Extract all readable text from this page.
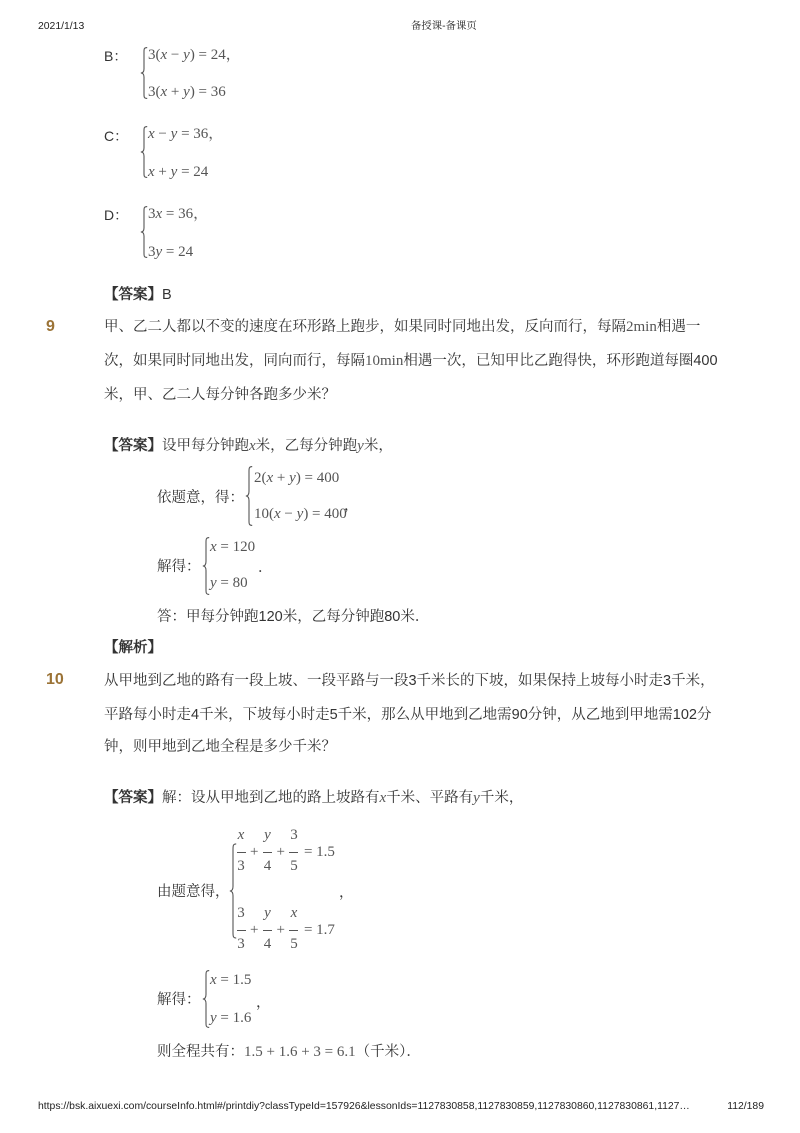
2021/1/13	备授课-备课页
B： 3(x − y) = 24，
3(x + y) = 36
C： x − y = 36，
x + y = 24
D： 3x = 36，
3y = 24
【答案】B
9	甲、乙二人都以不变的速度在环形路上跑步，如果同时同地出发，反向而行，每隔2min相遇一
次，如果同时同地出发，同向而行，每隔10min相遇一次，已知甲比乙跑得快，环形跑道每圈400
米，甲、乙二人每分钟各跑多少米？
【答案】设甲每分钟跑x米，乙每分钟跑y米，
依题意，得：
2(x + y) = 400
10(x − y) = 400
，
解得：
x = 120
y = 80
．
答：甲每分钟跑120米，乙每分钟跑80米．
【解析】
10	从甲地到乙地的路有一段上坡、一段平路与一段3千米长的下坡，如果保持上坡每小时走3千米，
平路每小时走4千米，下坡每小时走5千米，那么从甲地到乙地需90分钟，从乙地到甲地需102分
钟，则甲地到乙地全程是多少千米？
【答案】解：设从甲地到乙地的路上坡路有x千米、平路有y千米，
由题意得，
$\frac{x}{3} + \frac{y}{4} + \frac{3}{5} = 1.5$
$\frac{3}{3} + \frac{y}{4} + \frac{x}{5} = 1.7$
，
解得：
x = 1.5
y = 1.6
，
则全程共有：1.5 + 1.6 + 3 = 6.1（千米）．
https://bsk.aixuexi.com/courseInfo.html#/printdiy?classTypeId=157926&lessonIds=1127830858,1127830859,1127830860,1127830861,1127…	112/189
